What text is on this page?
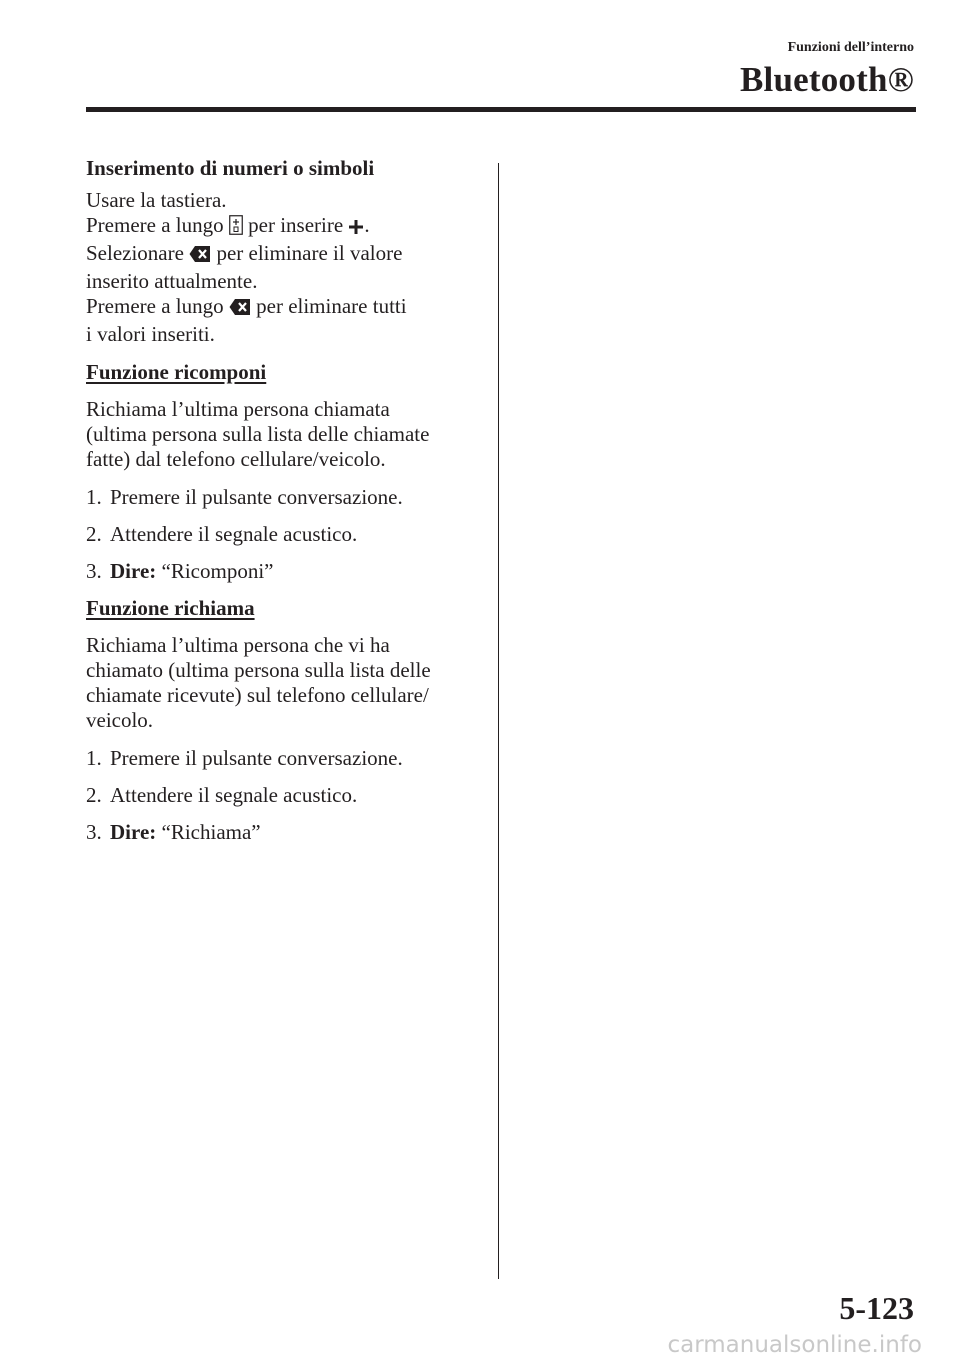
Funzioni dell’interno
Bluetooth®

Inserimento di numeri o simboli

Usare la tastiera.

Premere a lungo per inserire .

Selezionare per eliminare il valore

inserito attualmente.

Premere a lungo per eliminare tutti

i valori inseriti.

Funzione ricomponi

Richiama l’ultima persona chiamata
(ultima persona sulla lista delle chiamate
fatte) dal telefono cellulare/veicolo.

1. Premere il pulsante conversazione.

2. Attendere il segnale acustico.

3. Dire: “Ricomponi”

Funzione richiama

Richiama l’ultima persona che vi ha
chiamato (ultima persona sulla lista delle
chiamate ricevute) sul telefono cellulare/
veicolo.

1. Premere il pulsante conversazione.

2. Attendere il segnale acustico.

3. Dire: “Richiama”

5-123
carmanualsonline.info
